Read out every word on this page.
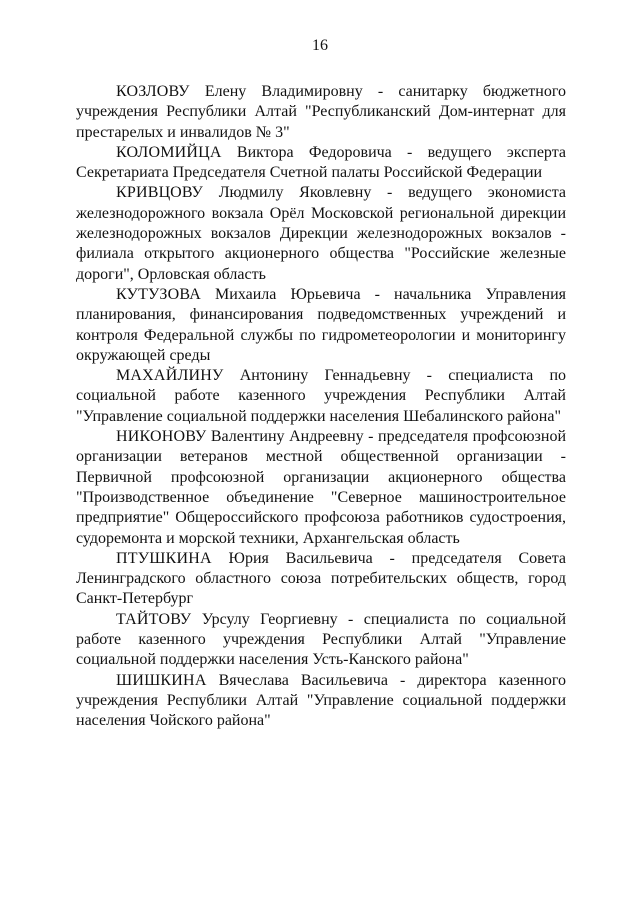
16

КОЗЛОВУ Елену Владимировну - санитарку бюджетного учреждения Республики Алтай "Республиканский Дом-интернат для престарелых и инвалидов № 3"

КОЛОМИЙЦА Виктора Федоровича - ведущего эксперта Секретариата Председателя Счетной палаты Российской Федерации

КРИВЦОВУ Людмилу Яковлевну - ведущего экономиста железнодорожного вокзала Орёл Московской региональной дирекции железнодорожных вокзалов Дирекции железнодорожных вокзалов - филиала открытого акционерного общества "Российские железные дороги", Орловская область

КУТУЗОВА Михаила Юрьевича - начальника Управления планирования, финансирования подведомственных учреждений и контроля Федеральной службы по гидрометеорологии и мониторингу окружающей среды

МАХАЙЛИНУ Антонину Геннадьевну - специалиста по социальной работе казенного учреждения Республики Алтай "Управление социальной поддержки населения Шебалинского района"

НИКОНОВУ Валентину Андреевну - председателя профсоюзной организации ветеранов местной общественной организации - Первичной профсоюзной организации акционерного общества "Производственное объединение "Северное машиностроительное предприятие" Общероссийского профсоюза работников судостроения, судоремонта и морской техники, Архангельская область

ПТУШКИНА Юрия Васильевича - председателя Совета Ленинградского областного союза потребительских обществ, город Санкт-Петербург

ТАЙТОВУ Урсулу Георгиевну - специалиста по социальной работе казенного учреждения Республики Алтай "Управление социальной поддержки населения Усть-Канского района"

ШИШКИНА Вячеслава Васильевича - директора казенного учреждения Республики Алтай "Управление социальной поддержки населения Чойского района"
